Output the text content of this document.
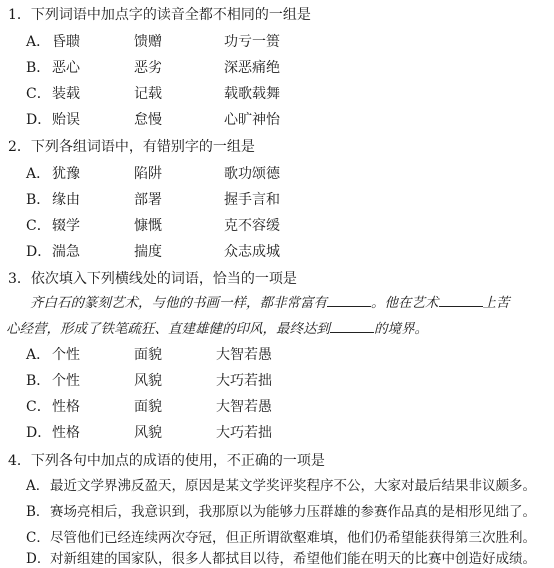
1．下列词语中加点字的读音全都不相同的一组是
A． 昏聩	馈赠	功亏一篑
B． 恶心	恶劣	深恶痛绝
C． 装载	记载	载歌载舞
D． 贻误	怠慢	心旷神怡
2．下列各组词语中，有错别字的一组是
A． 犹豫	陷阱	歌功颂德
B． 缘由	部署	握手言和
C． 辍学	慷慨	克不容缓
D． 湍急	揣度	众志成城
3．依次填入下列横线处的词语，恰当的一项是
齐白石的篆刻艺术，与他的书画一样，都非常富有	。他在艺术	上苦
心经营，形成了铁笔疏狂、直建雄健的印风，最终达到	的境界。
A． 个性	面貌	大智若愚
B． 个性	风貌	大巧若拙
C． 性格	面貌	大智若愚
D． 性格	风貌	大巧若拙
4．下列各句中加点的成语的使用，不正确的一项是
A．最近文学界沸反盈天，原因是某文学奖评奖程序不公，大家对最后结果非议颇多。
B．赛场亮相后，我意识到，我那原以为能够力压群雄的参赛作品真的是相形见绌了。
C．尽管他们已经连续两次夺冠，但正所谓欲壑难填，他们仍希望能获得第三次胜利。
D．对新组建的国家队，很多人都拭目以待，希望他们能在明天的比赛中创造好成绩。
